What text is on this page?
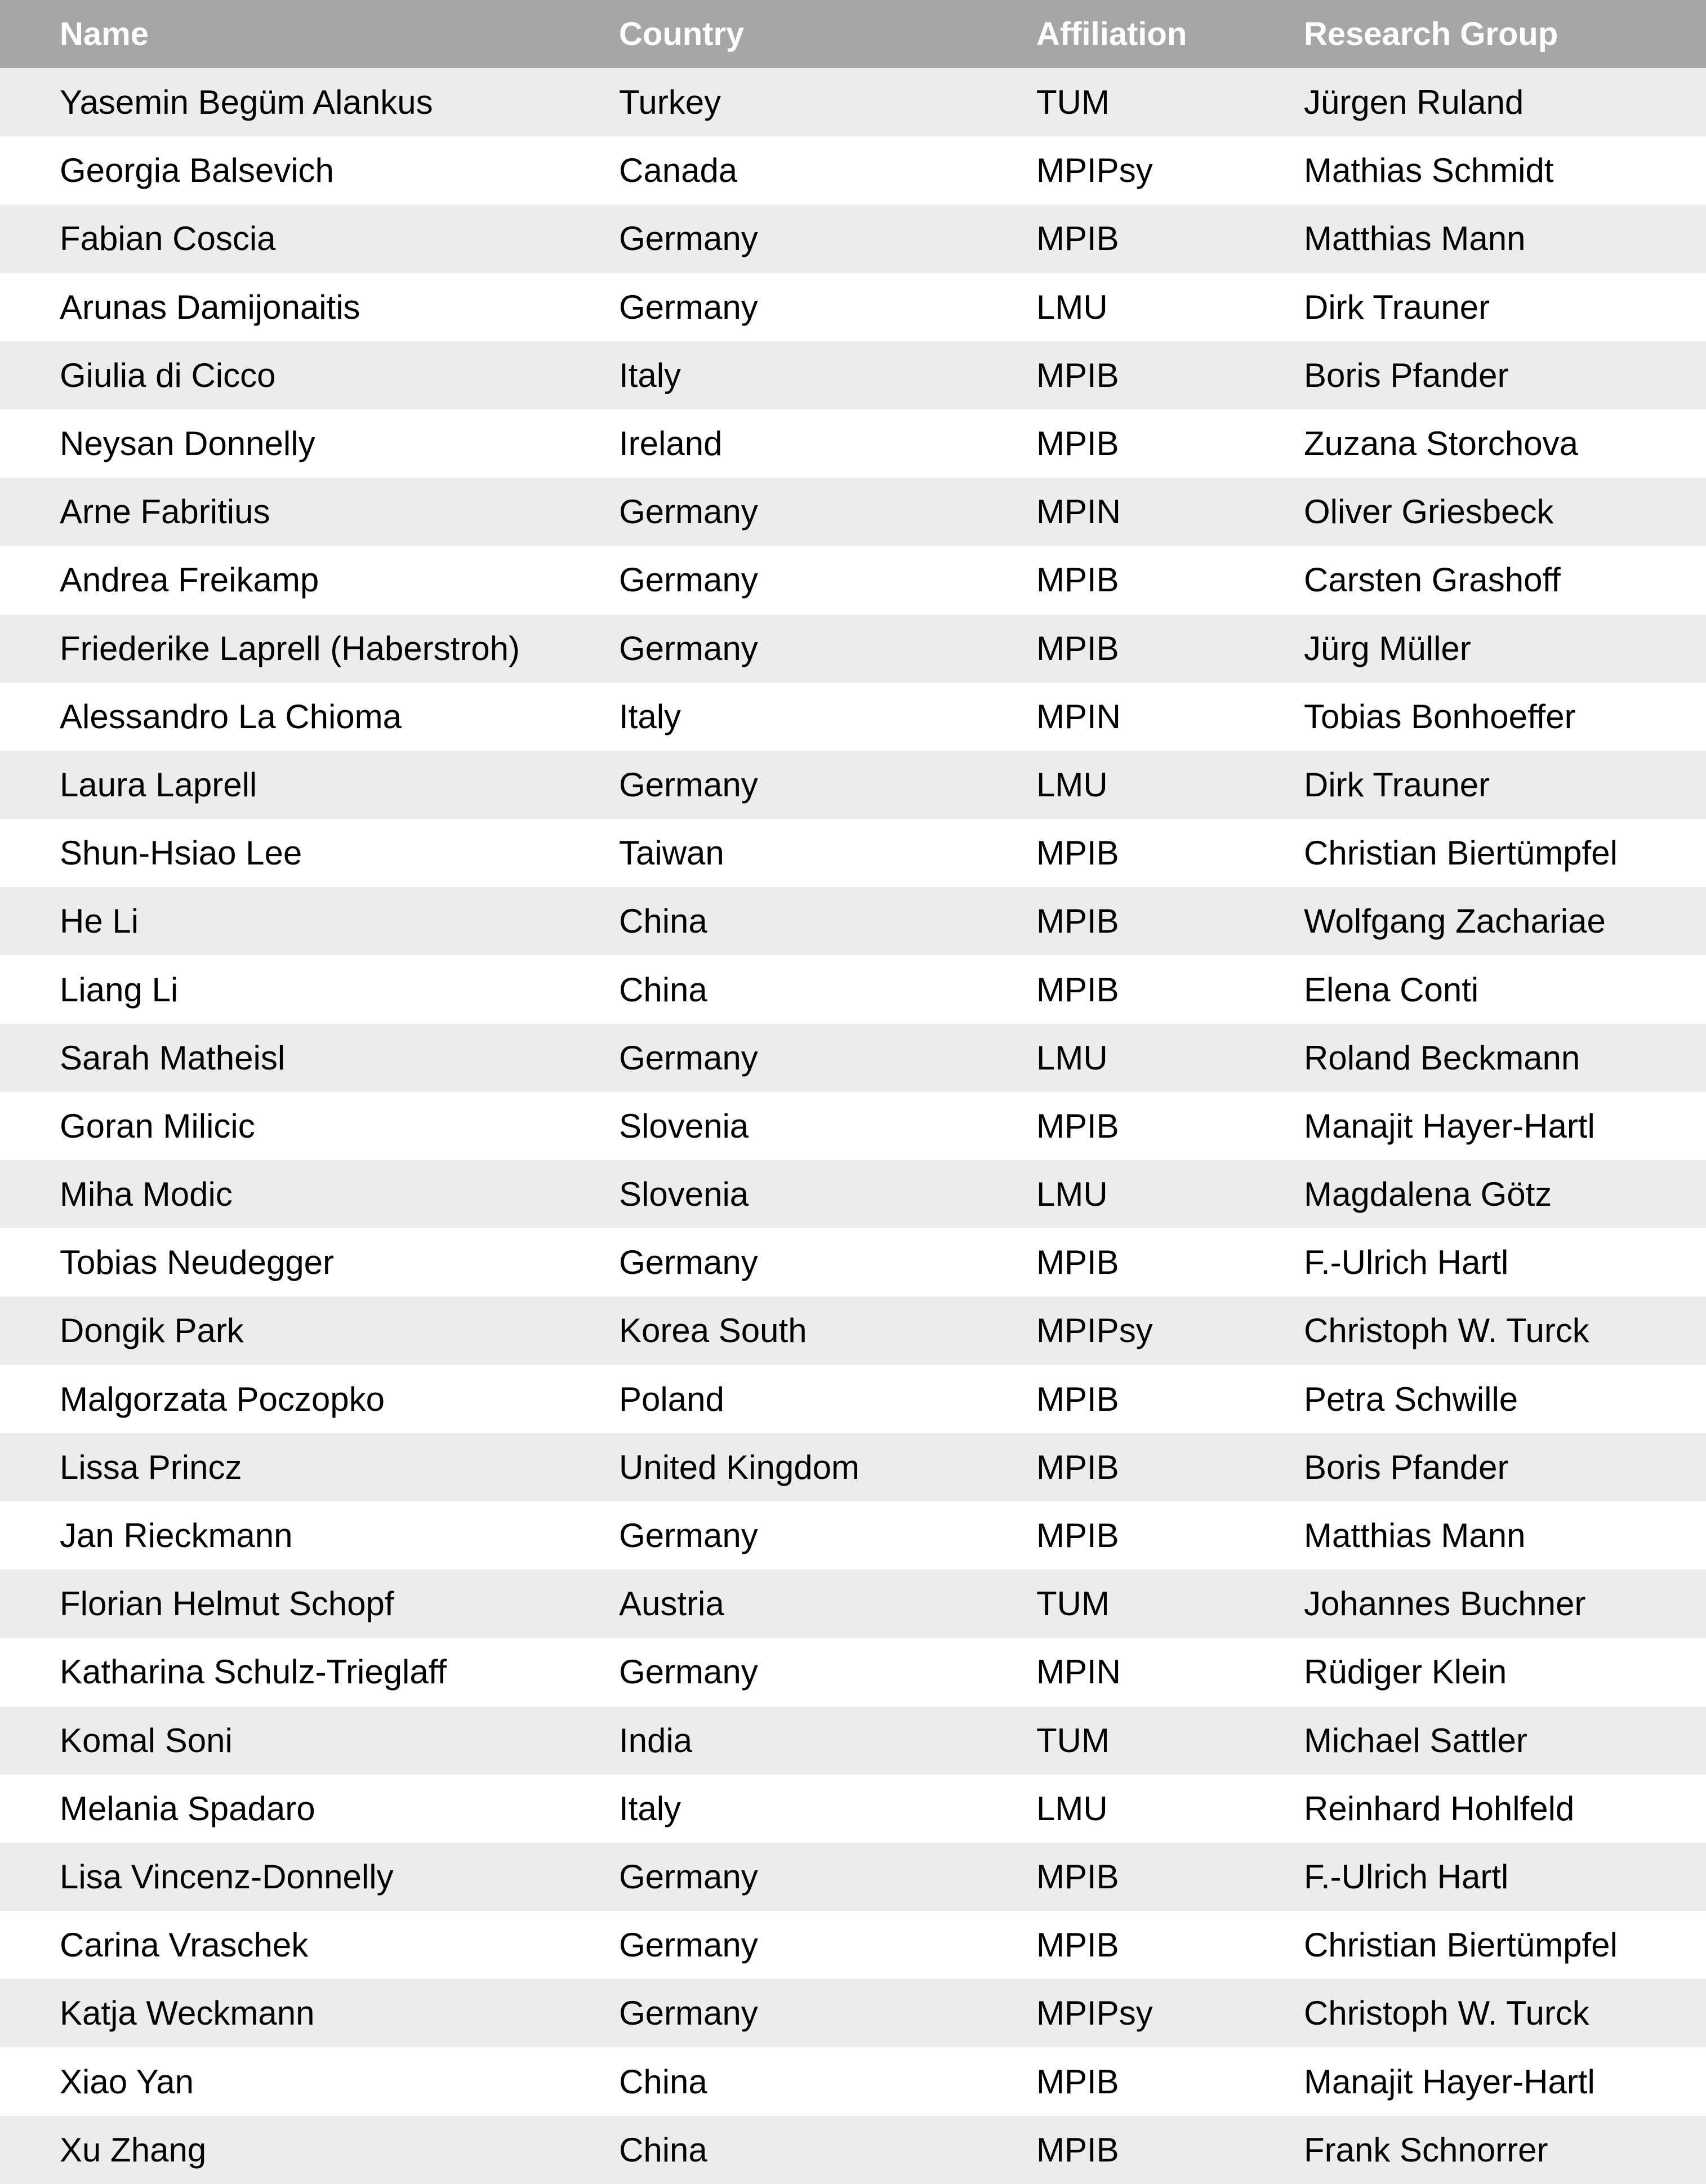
Name	Country	Affiliation	Research Group
Yasemin Begüm Alankus	Turkey	TUM	Jürgen Ruland
Georgia Balsevich	Canada	MPIPsy	Mathias Schmidt
Fabian Coscia	Germany	MPIB	Matthias Mann
Arunas Damijonaitis	Germany	LMU	Dirk Trauner
Giulia di Cicco	Italy	MPIB	Boris Pfander
Neysan Donnelly	Ireland	MPIB	Zuzana Storchova
Arne Fabritius	Germany	MPIN	Oliver Griesbeck
Andrea Freikamp	Germany	MPIB	Carsten Grashoff
Friederike Laprell (Haberstroh)	Germany	MPIB	Jürg Müller
Alessandro La Chioma	Italy	MPIN	Tobias Bonhoeffer
Laura Laprell	Germany	LMU	Dirk Trauner
Shun-Hsiao Lee	Taiwan	MPIB	Christian Biertümpfel
He Li	China	MPIB	Wolfgang Zachariae
Liang Li	China	MPIB	Elena Conti
Sarah Matheisl	Germany	LMU	Roland Beckmann
Goran Milicic	Slovenia	MPIB	Manajit Hayer-Hartl
Miha Modic	Slovenia	LMU	Magdalena Götz
Tobias Neudegger	Germany	MPIB	F.-Ulrich Hartl
Dongik Park	Korea South	MPIPsy	Christoph W. Turck
Malgorzata Poczopko	Poland	MPIB	Petra Schwille
Lissa Princz	United Kingdom	MPIB	Boris Pfander
Jan Rieckmann	Germany	MPIB	Matthias Mann
Florian Helmut Schopf	Austria	TUM	Johannes Buchner
Katharina Schulz-Trieglaff	Germany	MPIN	Rüdiger Klein
Komal Soni	India	TUM	Michael Sattler
Melania Spadaro	Italy	LMU	Reinhard Hohlfeld
Lisa Vincenz-Donnelly	Germany	MPIB	F.-Ulrich Hartl
Carina Vraschek	Germany	MPIB	Christian Biertümpfel
Katja Weckmann	Germany	MPIPsy	Christoph W. Turck
Xiao Yan	China	MPIB	Manajit Hayer-Hartl
Xu Zhang	China	MPIB	Frank Schnorrer
